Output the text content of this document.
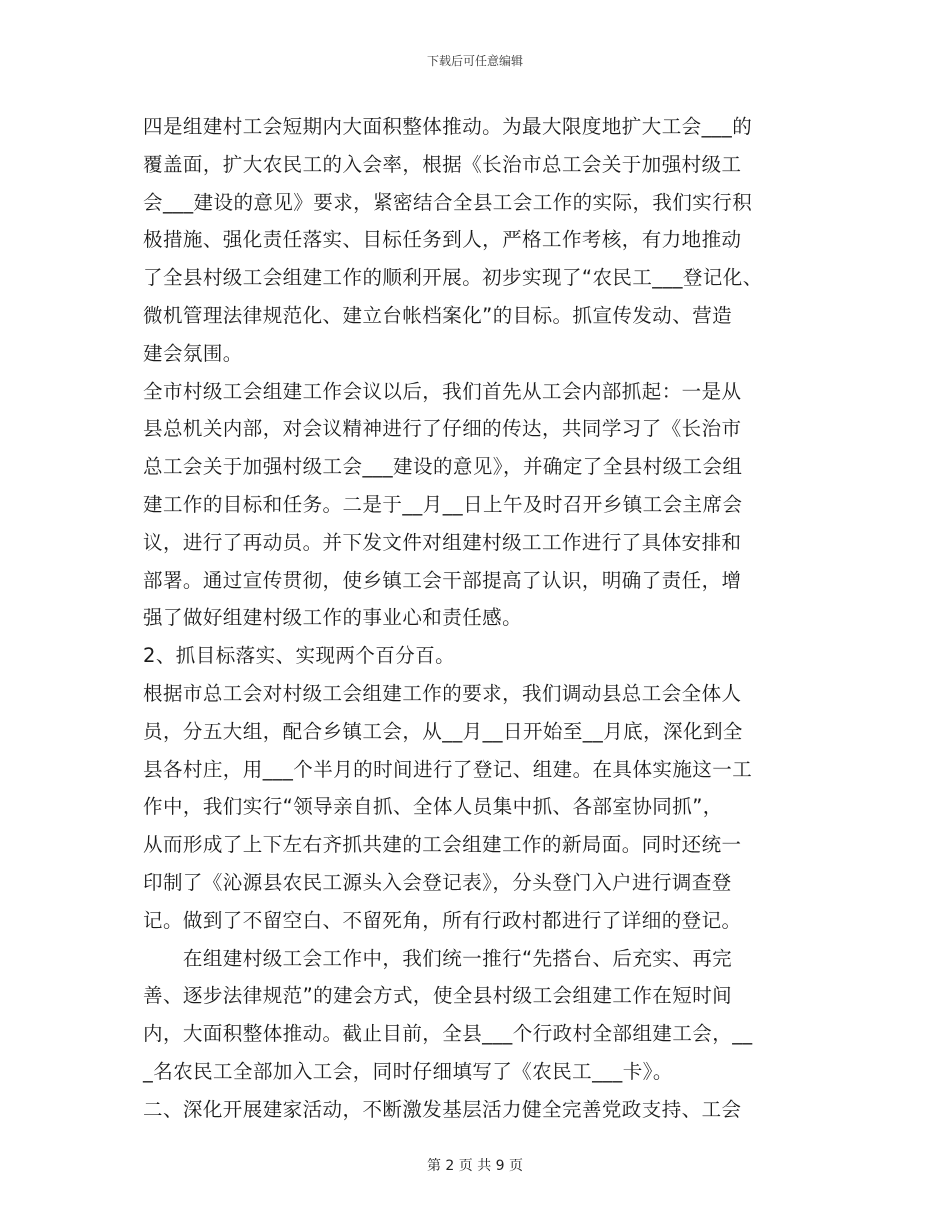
下载后可任意编辑
四是组建村工会短期内大面积整体推动。为最大限度地扩大工会___的
覆盖面，扩大农民工的入会率，根据《长治市总工会关于加强村级工
会___建设的意见》要求，紧密结合全县工会工作的实际，我们实行积
极措施、强化责任落实、目标任务到人，严格工作考核，有力地推动
了全县村级工会组建工作的顺利开展。初步实现了“农民工___登记化、
微机管理法律规范化、建立台帐档案化”的目标。抓宣传发动、营造
建会氛围。
全市村级工会组建工作会议以后，我们首先从工会内部抓起：一是从
县总机关内部，对会议精神进行了仔细的传达，共同学习了《长治市
总工会关于加强村级工会___建设的意见》，并确定了全县村级工会组
建工作的目标和任务。二是于__月__日上午及时召开乡镇工会主席会
议，进行了再动员。并下发文件对组建村级工工作进行了具体安排和
部署。通过宣传贯彻，使乡镇工会干部提高了认识，明确了责任，增
强了做好组建村级工作的事业心和责任感。
2、抓目标落实、实现两个百分百。
根据市总工会对村级工会组建工作的要求，我们调动县总工会全体人
员，分五大组，配合乡镇工会，从__月__日开始至__月底，深化到全
县各村庄，用___个半月的时间进行了登记、组建。在具体实施这一工
作中，我们实行“领导亲自抓、全体人员集中抓、各部室协同抓”，
从而形成了上下左右齐抓共建的工会组建工作的新局面。同时还统一
印制了《沁源县农民工源头入会登记表》，分头登门入户进行调查登
记。做到了不留空白、不留死角，所有行政村都进行了详细的登记。
　　在组建村级工会工作中，我们统一推行“先搭台、后充实、再完
善、逐步法律规范”的建会方式，使全县村级工会组建工作在短时间
内，大面积整体推动。截止目前，全县___个行政村全部组建工会，__
_名农民工全部加入工会，同时仔细填写了《农民工___卡》。
二、深化开展建家活动，不断激发基层活力健全完善党政支持、工会
第 2 页 共 9 页
